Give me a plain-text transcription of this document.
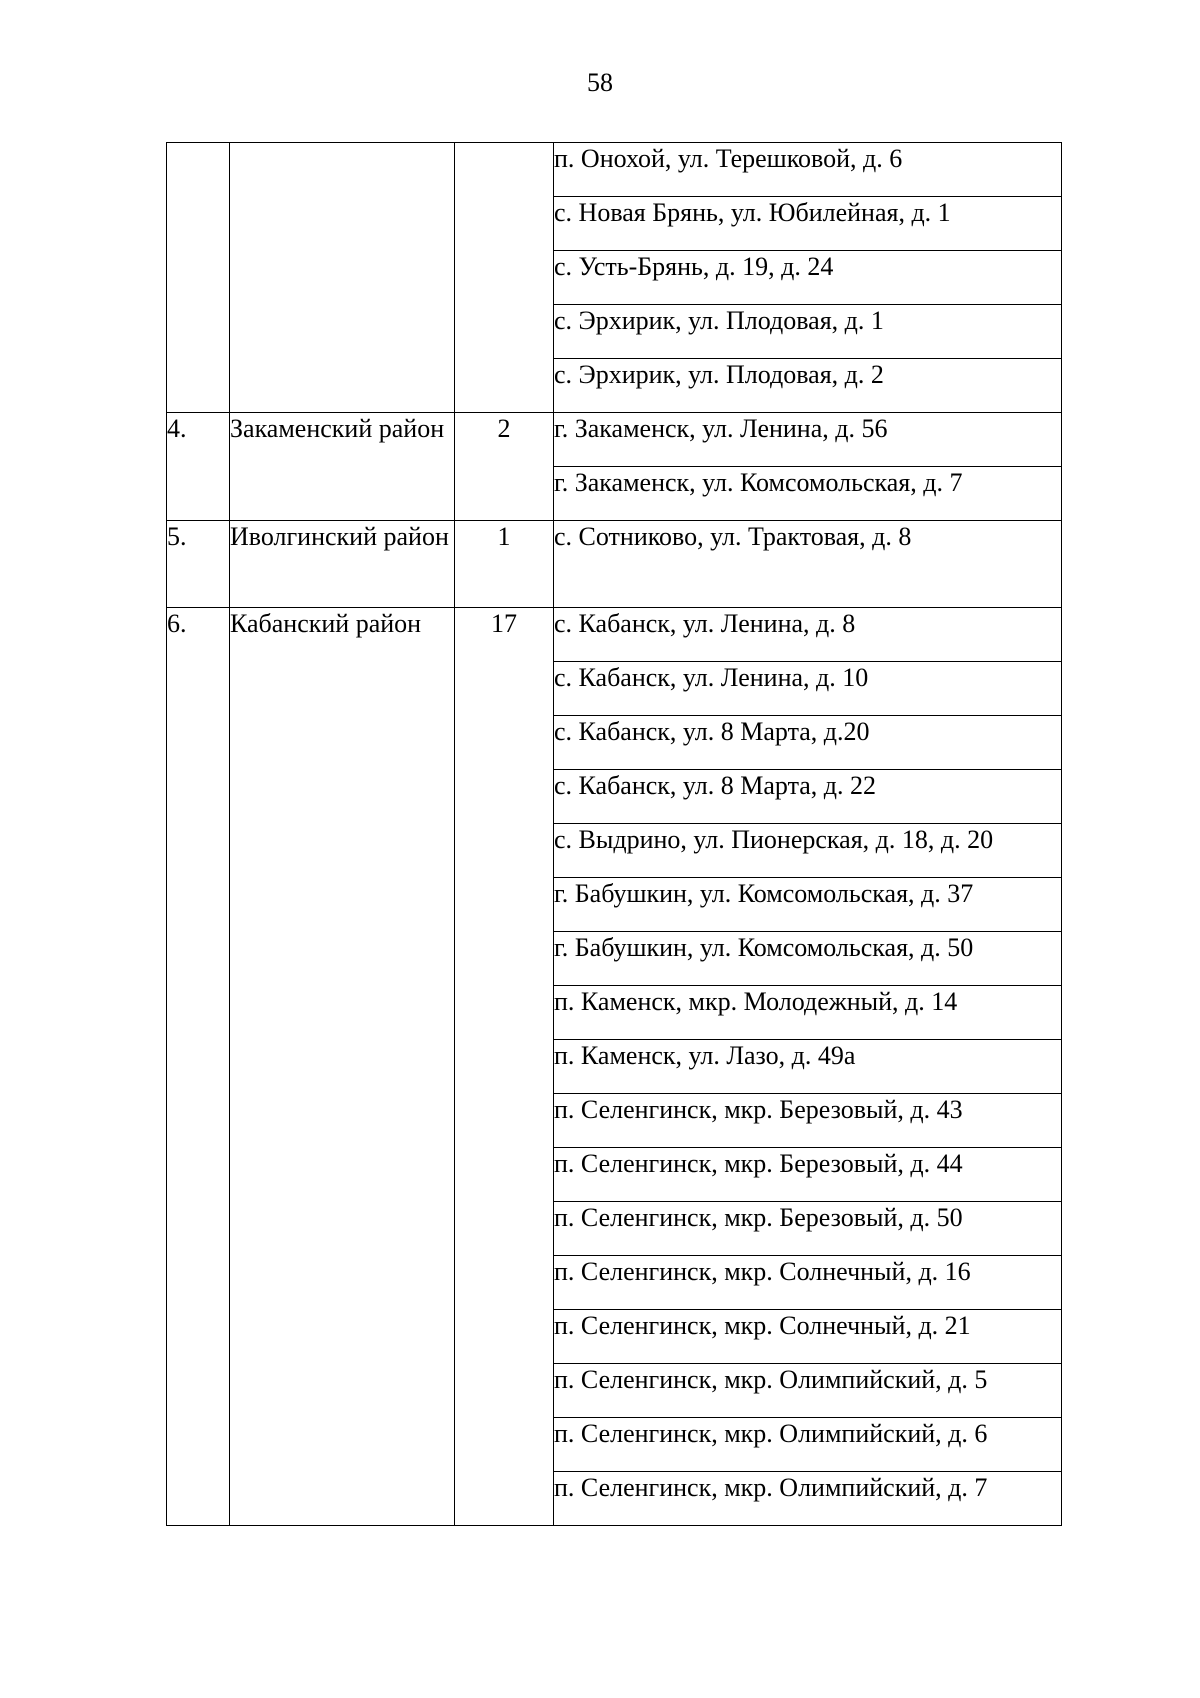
58
			п. Онохой, ул. Терешковой, д. 6
			с. Новая Брянь, ул. Юбилейная, д. 1
			с. Усть-Брянь, д. 19, д. 24
			с. Эрхирик, ул. Плодовая, д. 1
			с. Эрхирик, ул. Плодовая, д. 2
4.	Закаменский район	2	г. Закаменск, ул. Ленина, д. 56
			г. Закаменск, ул. Комсомольская, д. 7
5.	Иволгинский район	1	с. Сотниково, ул. Трактовая, д. 8
6.	Кабанский район	17	с. Кабанск, ул. Ленина, д. 8
			с. Кабанск, ул. Ленина, д. 10
			с. Кабанск, ул. 8 Марта, д.20
			с. Кабанск, ул. 8 Марта, д. 22
			с. Выдрино, ул. Пионерская, д. 18, д. 20
			г. Бабушкин, ул. Комсомольская, д. 37
			г. Бабушкин, ул. Комсомольская, д. 50
			п. Каменск, мкр. Молодежный, д. 14
			п. Каменск, ул. Лазо, д. 49а
			п. Селенгинск, мкр. Березовый, д. 43
			п. Селенгинск, мкр. Березовый, д. 44
			п. Селенгинск, мкр. Березовый, д. 50
			п. Селенгинск, мкр. Солнечный, д. 16
			п. Селенгинск, мкр. Солнечный, д. 21
			п. Селенгинск, мкр. Олимпийский, д. 5
			п. Селенгинск, мкр. Олимпийский, д. 6
			п. Селенгинск, мкр. Олимпийский, д. 7
